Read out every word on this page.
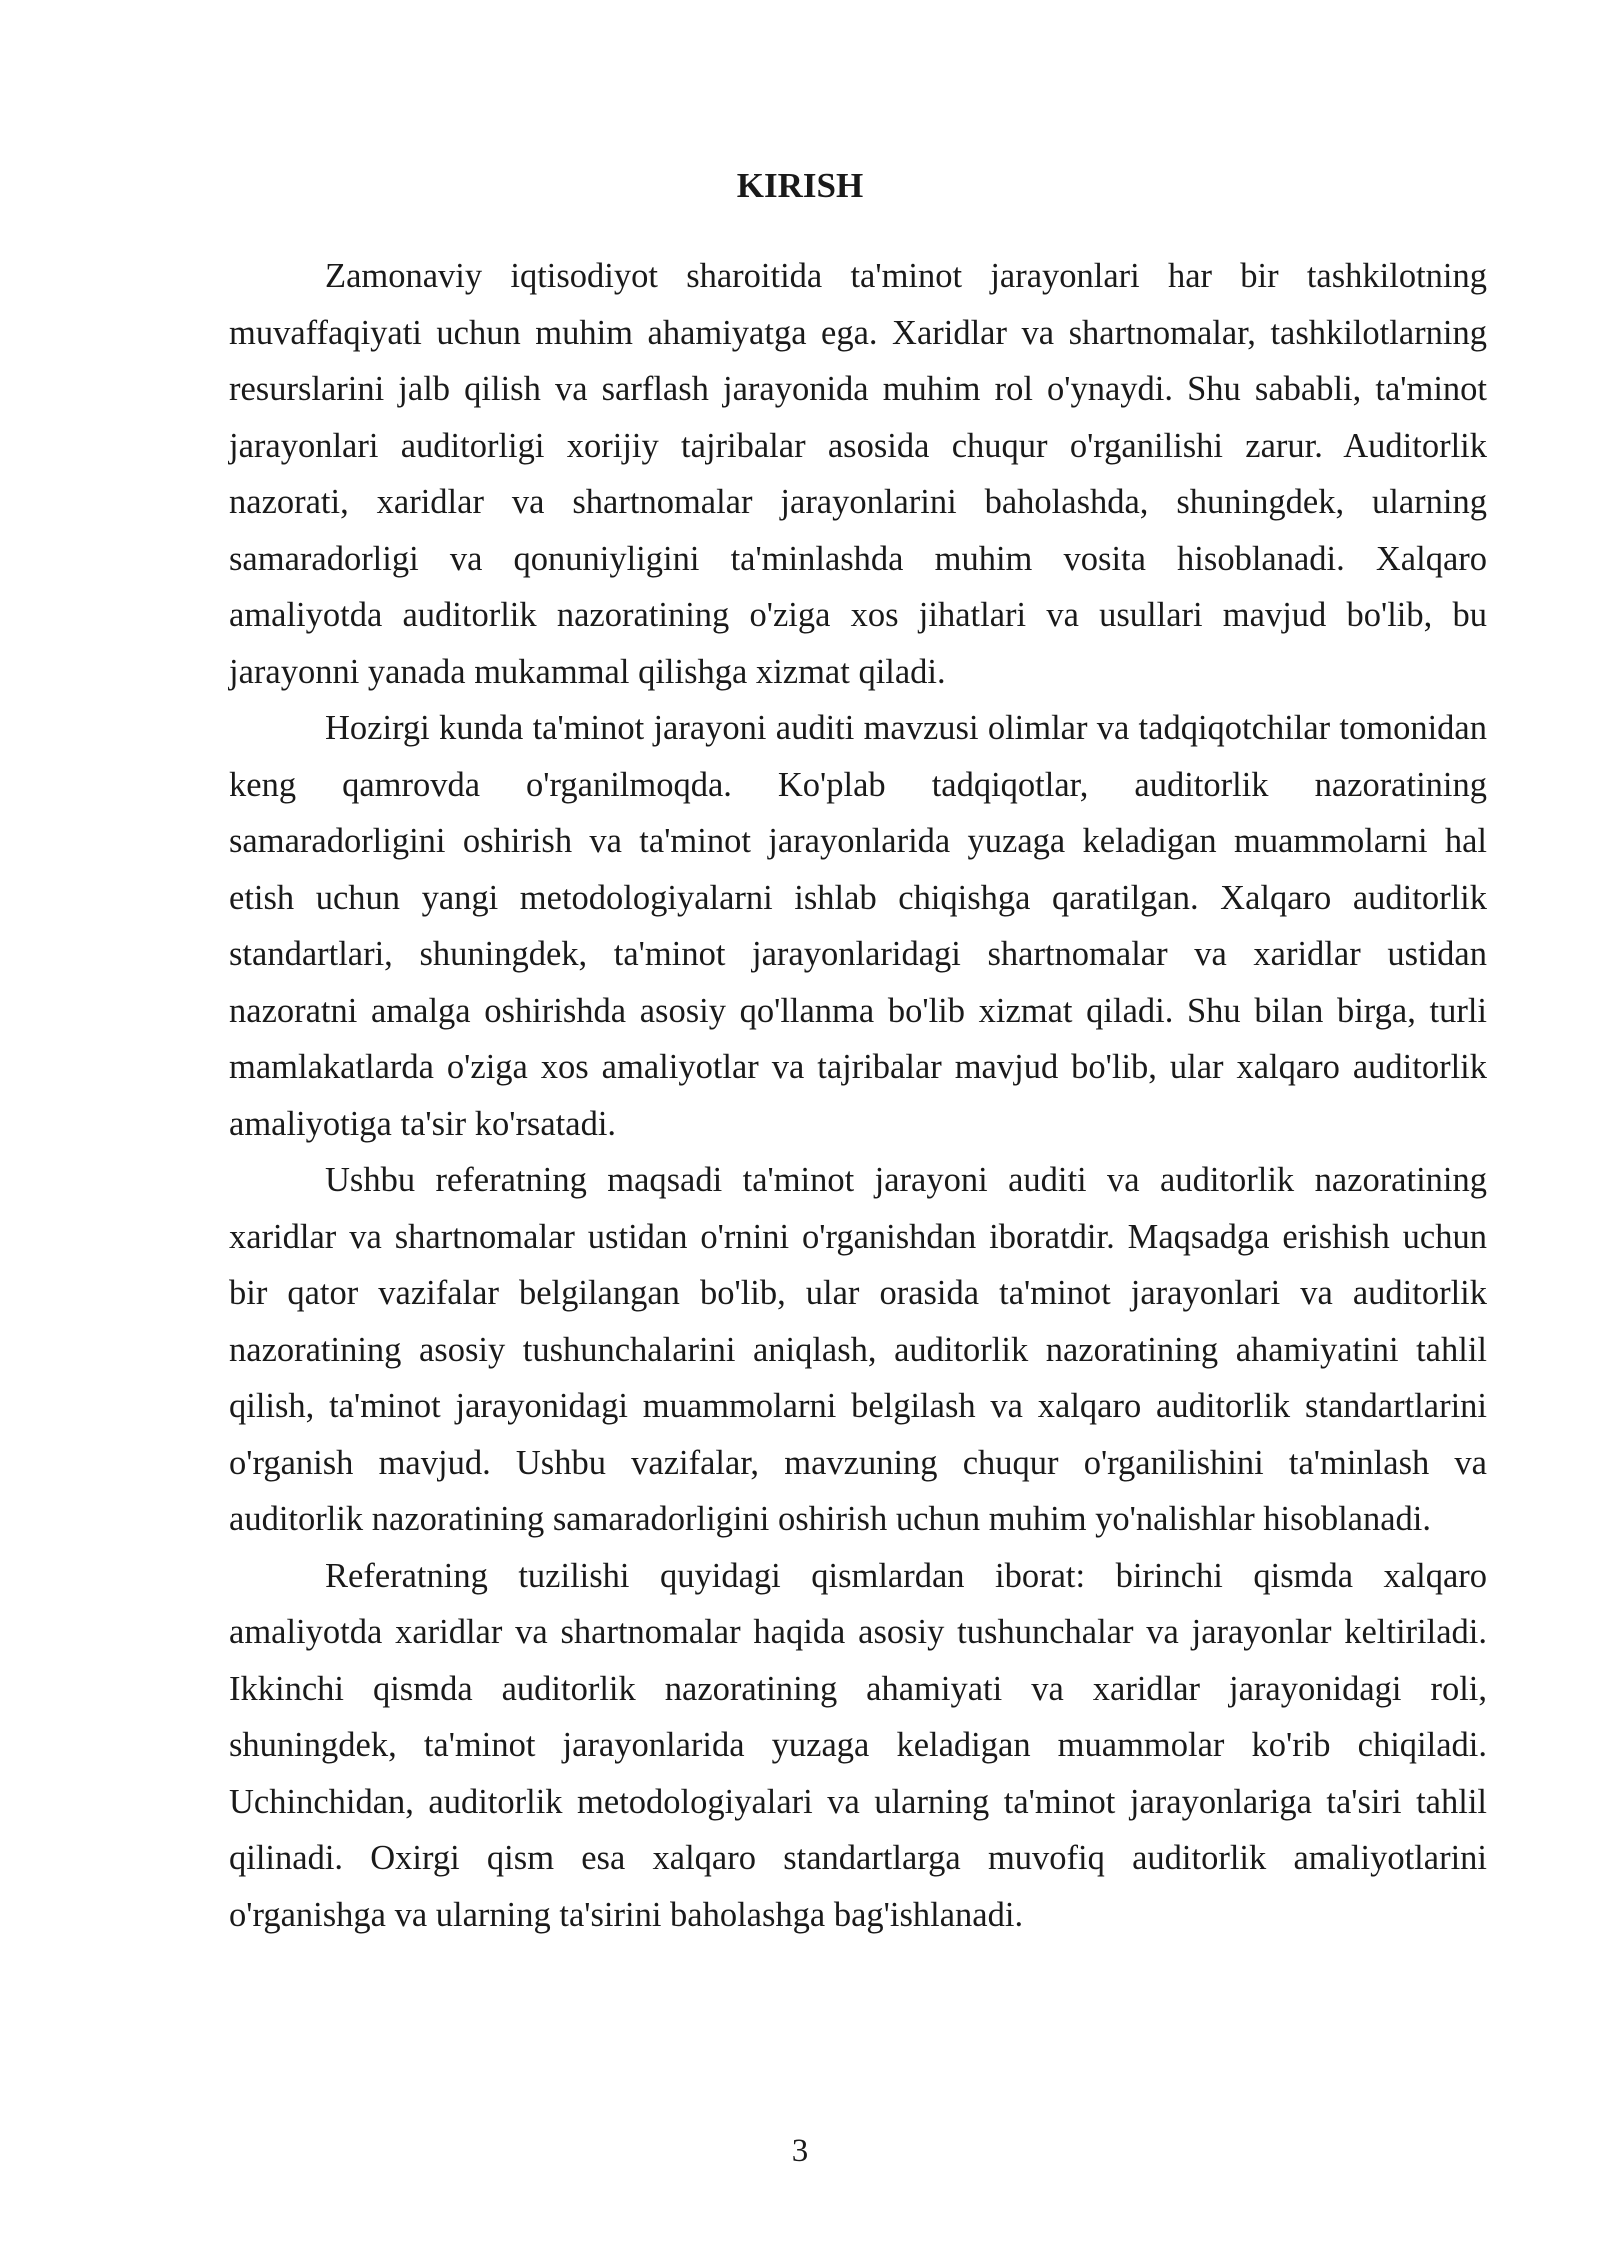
KIRISH

Zamonaviy iqtisodiyot sharoitida ta'minot jarayonlari har bir tashkilotning muvaffaqiyati uchun muhim ahamiyatga ega. Xaridlar va shartnomalar, tashkilotlarning resurslarini jalb qilish va sarflash jarayonida muhim rol o'ynaydi. Shu sababli, ta'minot jarayonlari auditorligi xorijiy tajribalar asosida chuqur o'rganilishi zarur. Auditorlik nazorati, xaridlar va shartnomalar jarayonlarini baholashda, shuningdek, ularning samaradorligi va qonuniyligini ta'minlashda muhim vosita hisoblanadi. Xalqaro amaliyotda auditorlik nazoratining o'ziga xos jihatlari va usullari mavjud bo'lib, bu jarayonni yanada mukammal qilishga xizmat qiladi.

Hozirgi kunda ta'minot jarayoni auditi mavzusi olimlar va tadqiqotchilar tomonidan keng qamrovda o'rganilmoqda. Ko'plab tadqiqotlar, auditorlik nazoratining samaradorligini oshirish va ta'minot jarayonlarida yuzaga keladigan muammolarni hal etish uchun yangi metodologiyalarni ishlab chiqishga qaratilgan. Xalqaro auditorlik standartlari, shuningdek, ta'minot jarayonlaridagi shartnomalar va xaridlar ustidan nazoratni amalga oshirishda asosiy qo'llanma bo'lib xizmat qiladi. Shu bilan birga, turli mamlakatlarda o'ziga xos amaliyotlar va tajribalar mavjud bo'lib, ular xalqaro auditorlik amaliyotiga ta'sir ko'rsatadi.

Ushbu referatning maqsadi ta'minot jarayoni auditi va auditorlik nazoratining xaridlar va shartnomalar ustidan o'rnini o'rganishdan iboratdir. Maqsadga erishish uchun bir qator vazifalar belgilangan bo'lib, ular orasida ta'minot jarayonlari va auditorlik nazoratining asosiy tushunchalarini aniqlash, auditorlik nazoratining ahamiyatini tahlil qilish, ta'minot jarayonidagi muammolarni belgilash va xalqaro auditorlik standartlarini o'rganish mavjud. Ushbu vazifalar, mavzuning chuqur o'rganilishini ta'minlash va auditorlik nazoratining samaradorligini oshirish uchun muhim yo'nalishlar hisoblanadi.

Referatning tuzilishi quyidagi qismlardan iborat: birinchi qismda xalqaro amaliyotda xaridlar va shartnomalar haqida asosiy tushunchalar va jarayonlar keltiriladi. Ikkinchi qismda auditorlik nazoratining ahamiyati va xaridlar jarayonidagi roli, shuningdek, ta'minot jarayonlarida yuzaga keladigan muammolar ko'rib chiqiladi. Uchinchidan, auditorlik metodologiyalari va ularning ta'minot jarayonlariga ta'siri tahlil qilinadi. Oxirgi qism esa xalqaro standartlarga muvofiq auditorlik amaliyotlarini o'rganishga va ularning ta'sirini baholashga bag'ishlanadi.

3
